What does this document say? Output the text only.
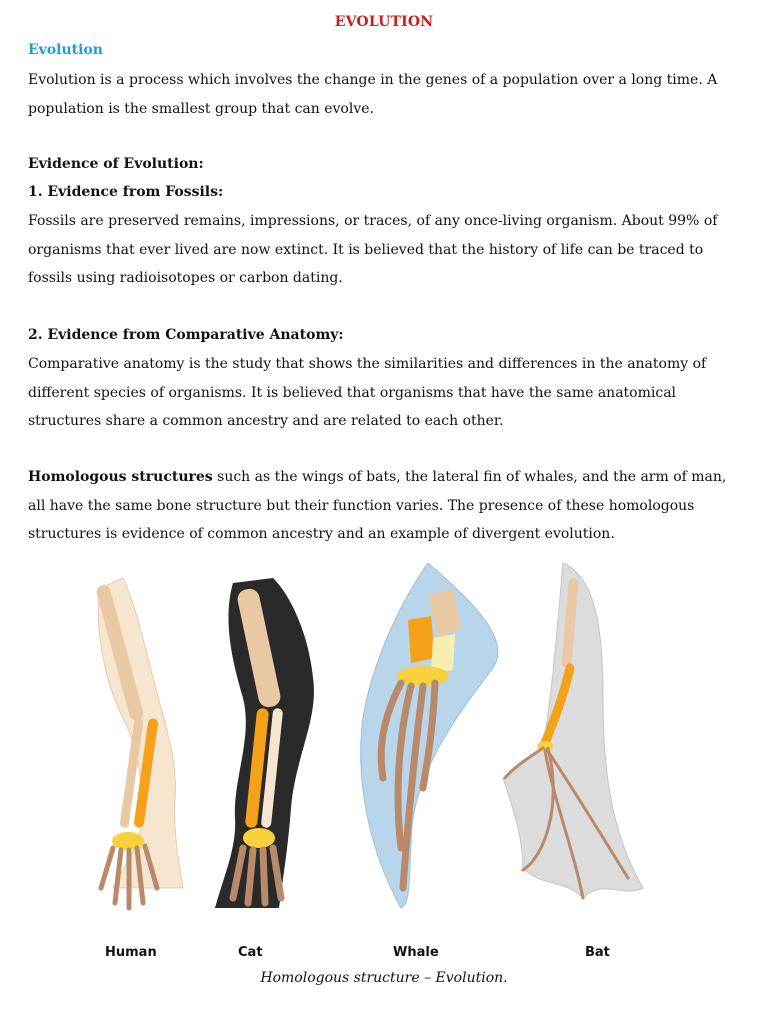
EVOLUTION
Evolution

Evolution is a process which involves the change in the genes of a population over a long time. A population is the smallest group that can evolve.

Evidence of Evolution:

1. Evidence from Fossils:

Fossils are preserved remains, impressions, or traces, of any once-living organism. About 99% of organisms that ever lived are now extinct. It is believed that the history of life can be traced to fossils using radioisotopes or carbon dating.

2. Evidence from Comparative Anatomy:

Comparative anatomy is the study that shows the similarities and differences in the anatomy of different species of organisms. It is believed that organisms that have the same anatomical structures share a common ancestry and are related to each other.

Homologous structures such as the wings of bats, the lateral fin of whales, and the arm of man, all have the same bone structure but their function varies. The presence of these homologous structures is evidence of common ancestry and an example of divergent evolution.

Human	Cat	Whale	Bat
Homologous structure – Evolution.
